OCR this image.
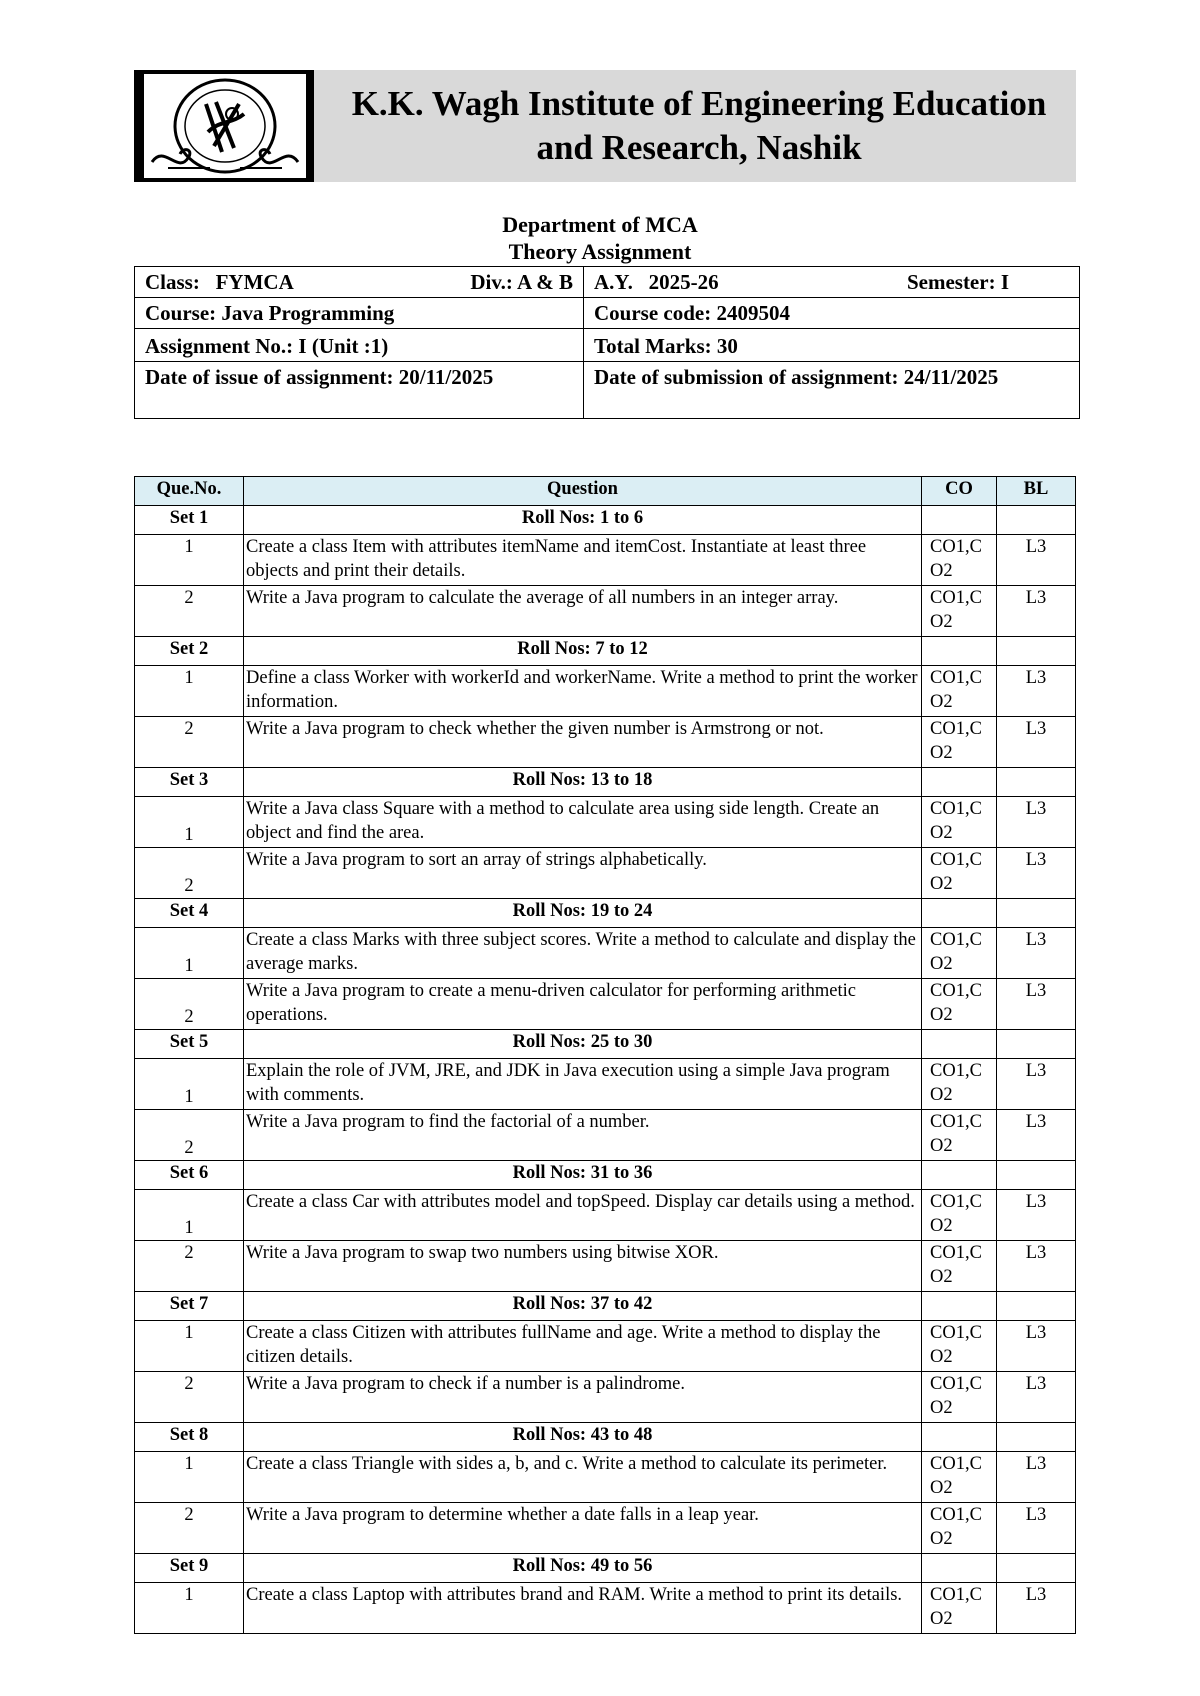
K.K. Wagh Institute of Engineering Education
and Research, Nashik
Department of MCA
Theory Assignment
Class:   FYMCA Div.: A & B	A.Y.   2025-26 Semester: I

Course: Java Programming	Course code: 2409504
Assignment No.: I (Unit :1)	Total Marks: 30
Date of issue of assignment: 20/11/2025	Date of submission of assignment: 24/11/2025
Que.No.	Question	CO	BL
Set 1	Roll Nos: 1 to 6		
1	Create a class Item with attributes itemName and itemCost. Instantiate at least three objects and print their details.	CO1,CO2	L3
2	Write a Java program to calculate the average of all numbers in an integer array.	CO1,CO2	L3
Set 2	Roll Nos: 7 to 12		
1	Define a class Worker with workerId and workerName. Write a method to print the worker information.	CO1,CO2	L3
2	Write a Java program to check whether the given number is Armstrong or not.	CO1,CO2	L3
Set 3	Roll Nos: 13 to 18		
1	Write a Java class Square with a method to calculate area using side length. Create an object and find the area.	CO1,CO2	L3
2	Write a Java program to sort an array of strings alphabetically.	CO1,CO2	L3
Set 4	Roll Nos: 19 to 24		
1	Create a class Marks with three subject scores. Write a method to calculate and display the average marks.	CO1,CO2	L3
2	Write a Java program to create a menu-driven calculator for performing arithmetic operations.	CO1,CO2	L3
Set 5	Roll Nos: 25 to 30		
1	Explain the role of JVM, JRE, and JDK in Java execution using a simple Java program with comments.	CO1,CO2	L3
2	Write a Java program to find the factorial of a number.	CO1,CO2	L3
Set 6	Roll Nos: 31 to 36		
1	Create a class Car with attributes model and topSpeed. Display car details using a method.	CO1,CO2	L3
2	Write a Java program to swap two numbers using bitwise XOR.	CO1,CO2	L3
Set 7	Roll Nos: 37 to 42		
1	Create a class Citizen with attributes fullName and age. Write a method to display the citizen details.	CO1,CO2	L3
2	Write a Java program to check if a number is a palindrome.	CO1,CO2	L3
Set 8	Roll Nos: 43 to 48		
1	Create a class Triangle with sides a, b, and c. Write a method to calculate its perimeter.	CO1,CO2	L3
2	Write a Java program to determine whether a date falls in a leap year.	CO1,CO2	L3
Set 9	Roll Nos: 49 to 56		
1	Create a class Laptop with attributes brand and RAM. Write a method to print its details.	CO1,CO2	L3
